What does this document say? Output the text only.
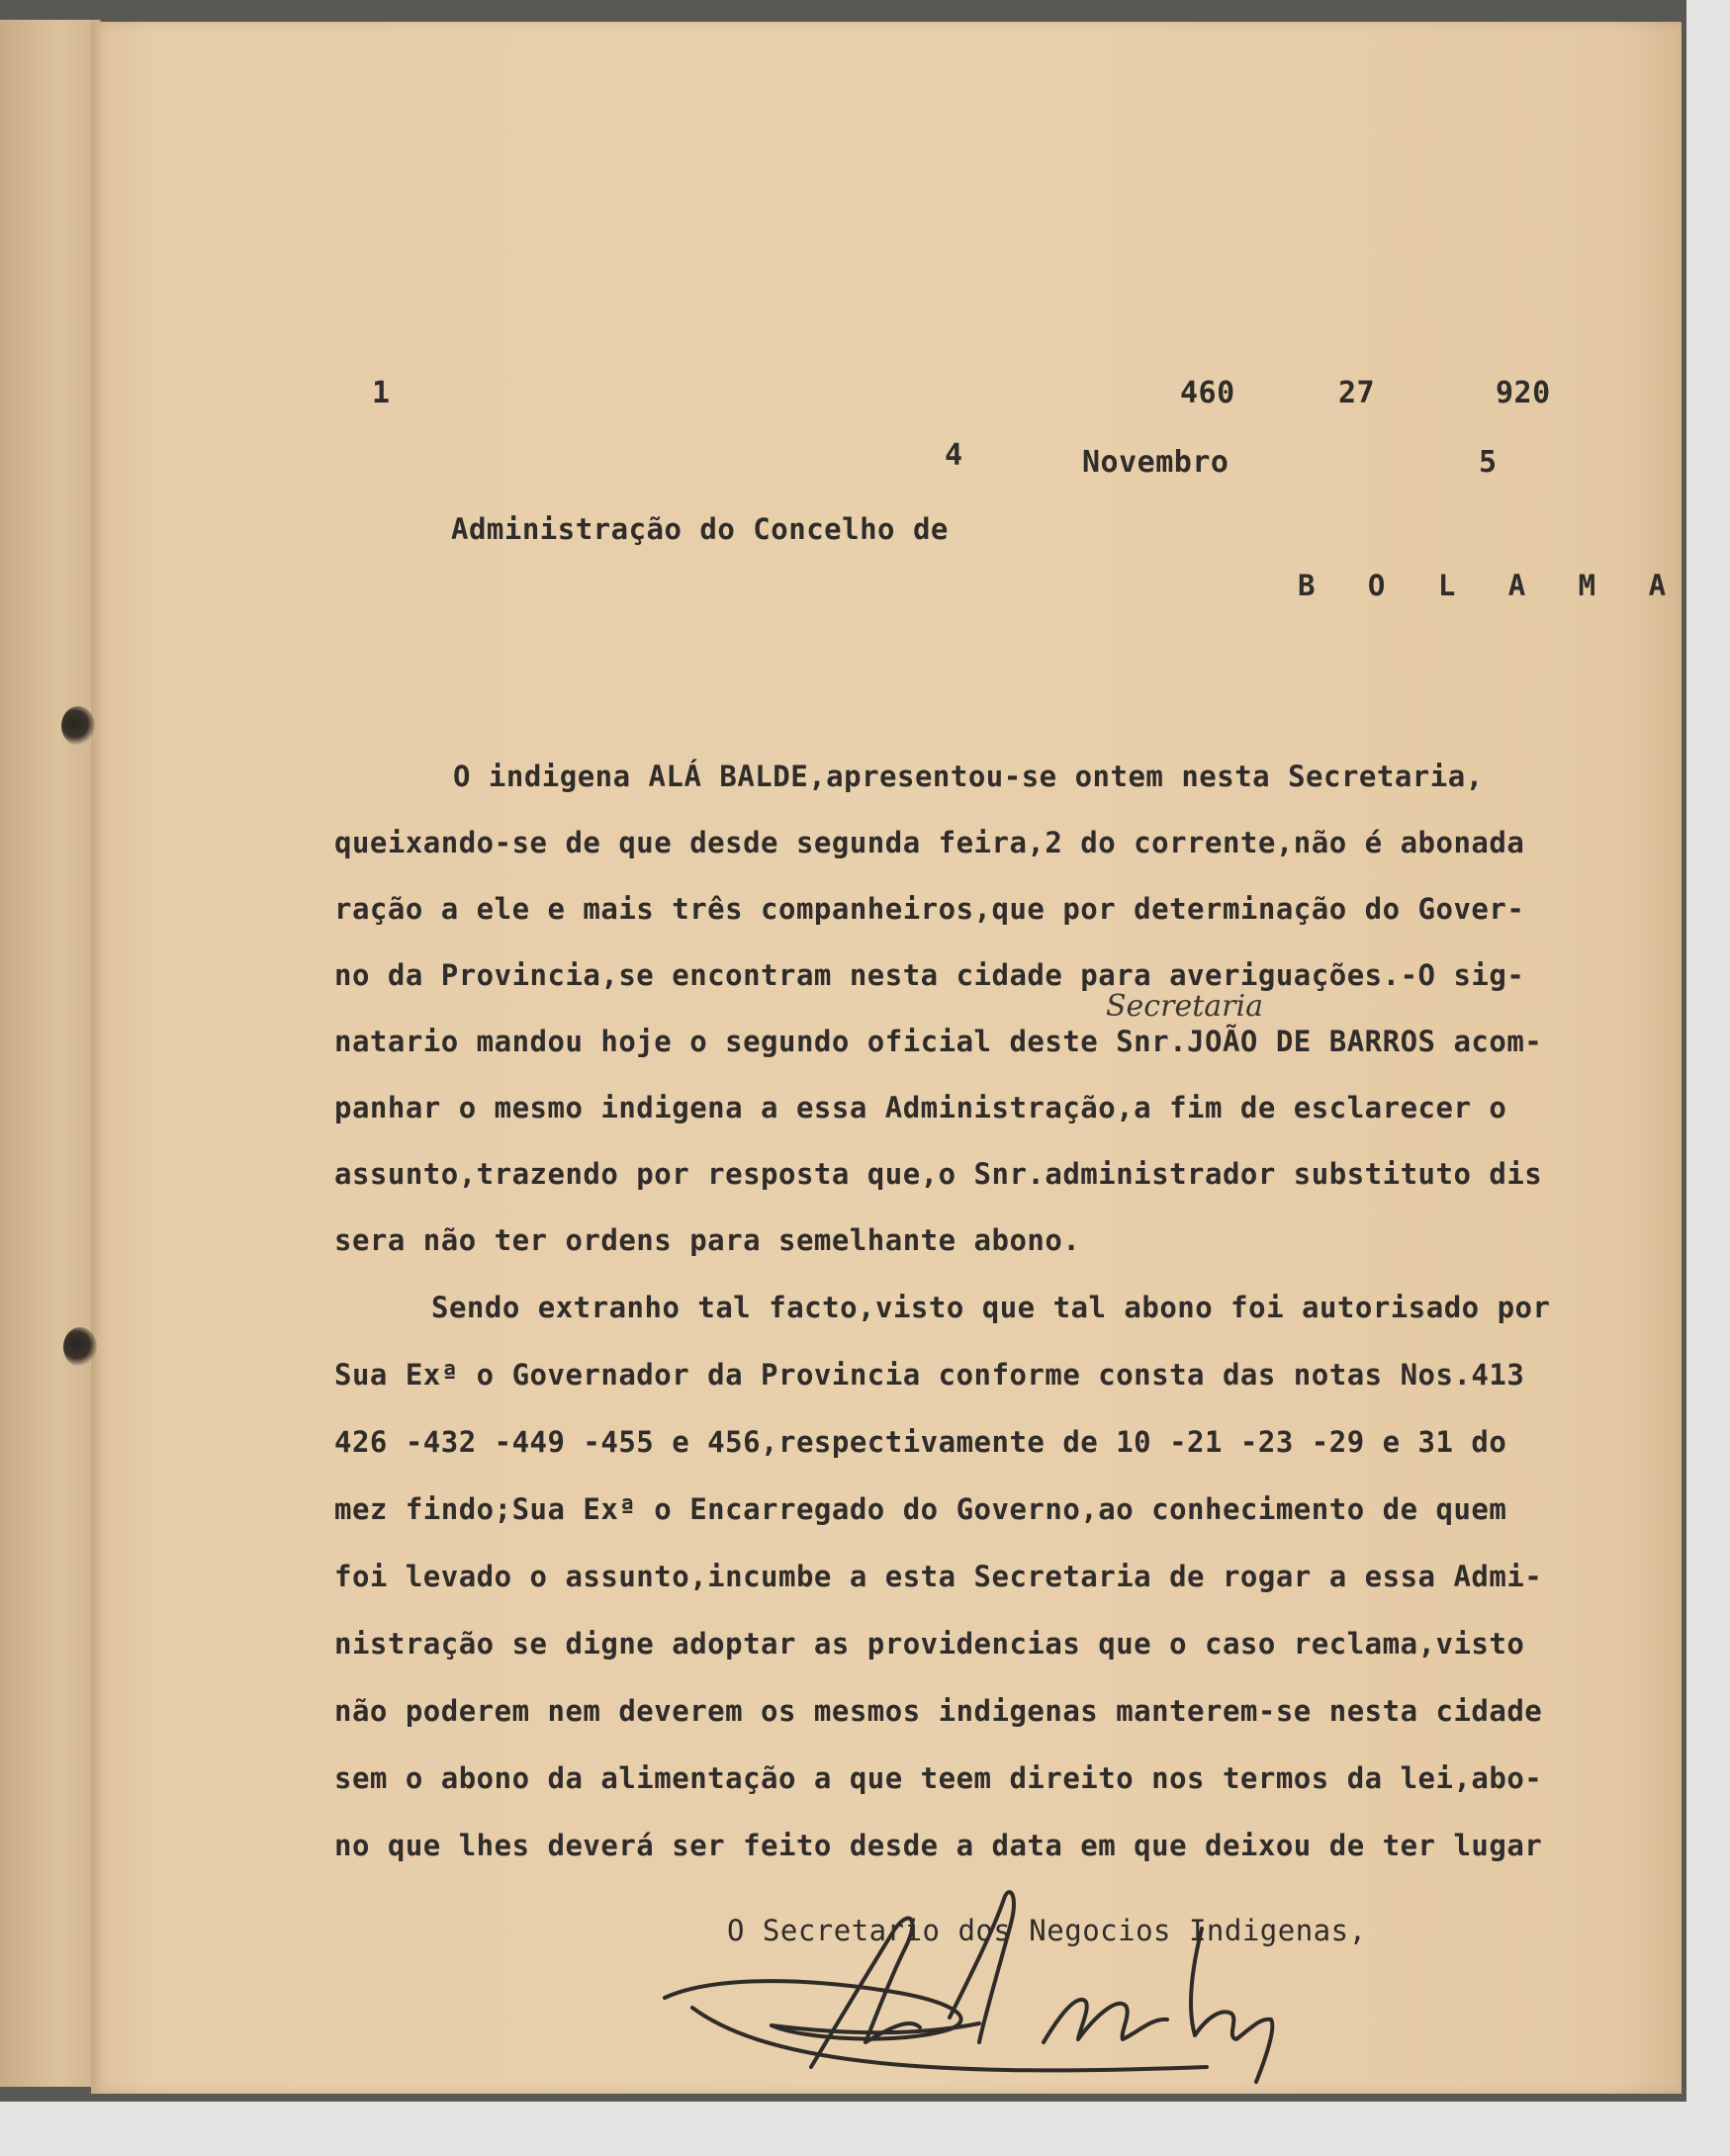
1	460	27	920
4	Novembro	5
Administração do Concelho de
B O L A M A
O indigena ALÁ BALDE,apresentou-se ontem nesta Secretaria,
queixando-se de que desde segunda feira,2 do corrente,não é abonada
ração a ele e mais três companheiros,que por determinação do Gover-
no da Provincia,se encontram nesta cidade para averiguações.-O sig-
Secretaria
natario mandou hoje o segundo oficial deste Snr.JOÃO DE BARROS acom-
panhar o mesmo indigena a essa Administração,a fim de esclarecer o
assunto,trazendo por resposta que,o Snr.administrador substituto dis
sera não ter ordens para semelhante abono.
Sendo extranho tal facto,visto que tal abono foi autorisado por
Sua Exª o Governador da Provincia conforme consta das notas Nos.413
426 -432 -449 -455 e 456,respectivamente de 10 -21 -23 -29 e 31 do
mez findo;Sua Exª o Encarregado do Governo,ao conhecimento de quem
foi levado o assunto,incumbe a esta Secretaria de rogar a essa Admi-
nistração se digne adoptar as providencias que o caso reclama,visto
não poderem nem deverem os mesmos indigenas manterem-se nesta cidade
sem o abono da alimentação a que teem direito nos termos da lei,abo-
no que lhes deverá ser feito desde a data em que deixou de ter lugar
O Secretario dos Negocios Indigenas,
